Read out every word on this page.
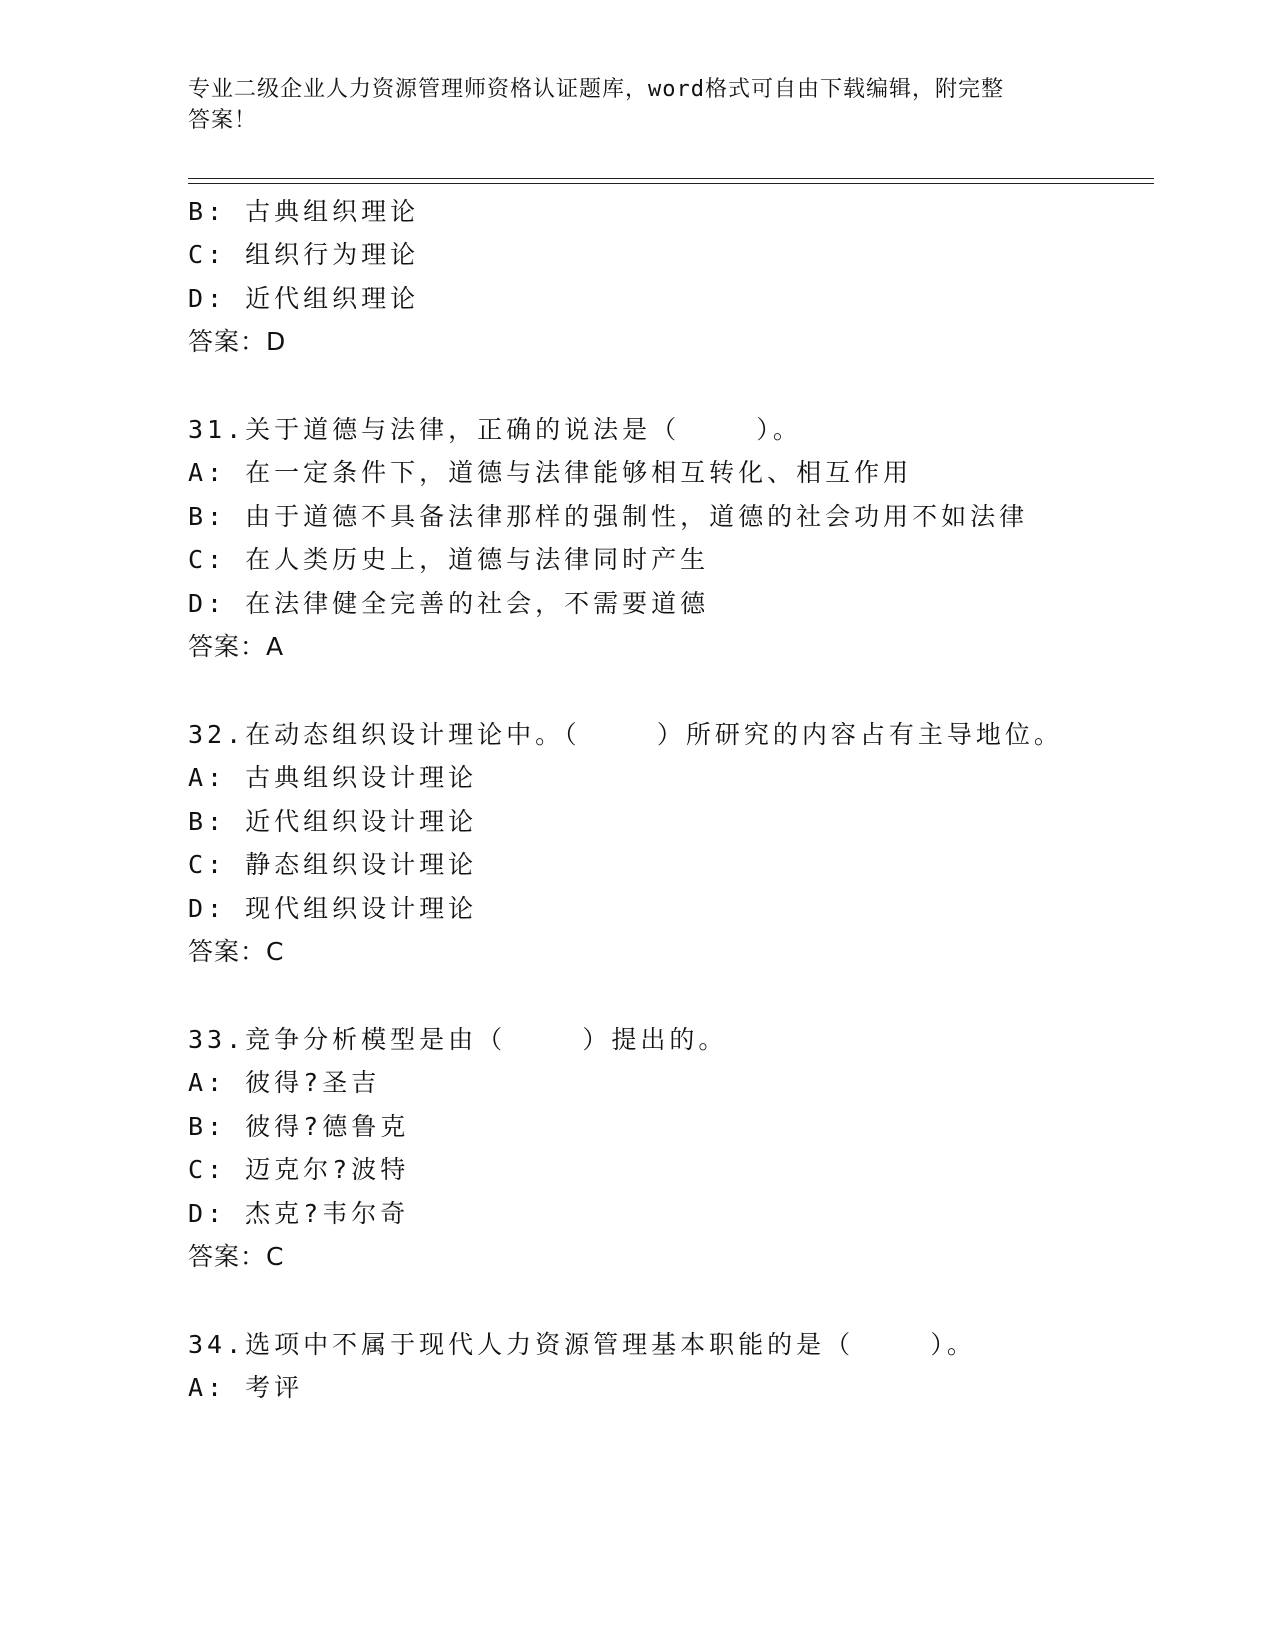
专业二级企业人力资源管理师资格认证题库，word格式可自由下载编辑，附完整
答案！
B: 古典组织理论
C: 组织行为理论
D: 近代组织理论
答案：D
31.关于道德与法律，正确的说法是（    ）。
A: 在一定条件下，道德与法律能够相互转化、相互作用
B: 由于道德不具备法律那样的强制性，道德的社会功用不如法律
C: 在人类历史上，道德与法律同时产生
D: 在法律健全完善的社会，不需要道德
答案：A
32.在动态组织设计理论中。（    ）所研究的内容占有主导地位。
A: 古典组织设计理论
B: 近代组织设计理论
C: 静态组织设计理论
D: 现代组织设计理论
答案：C
33.竞争分析模型是由（    ）提出的。
A: 彼得?圣吉
B: 彼得?德鲁克
C: 迈克尔?波特
D: 杰克?韦尔奇
答案：C
34.选项中不属于现代人力资源管理基本职能的是（    ）。
A: 考评
